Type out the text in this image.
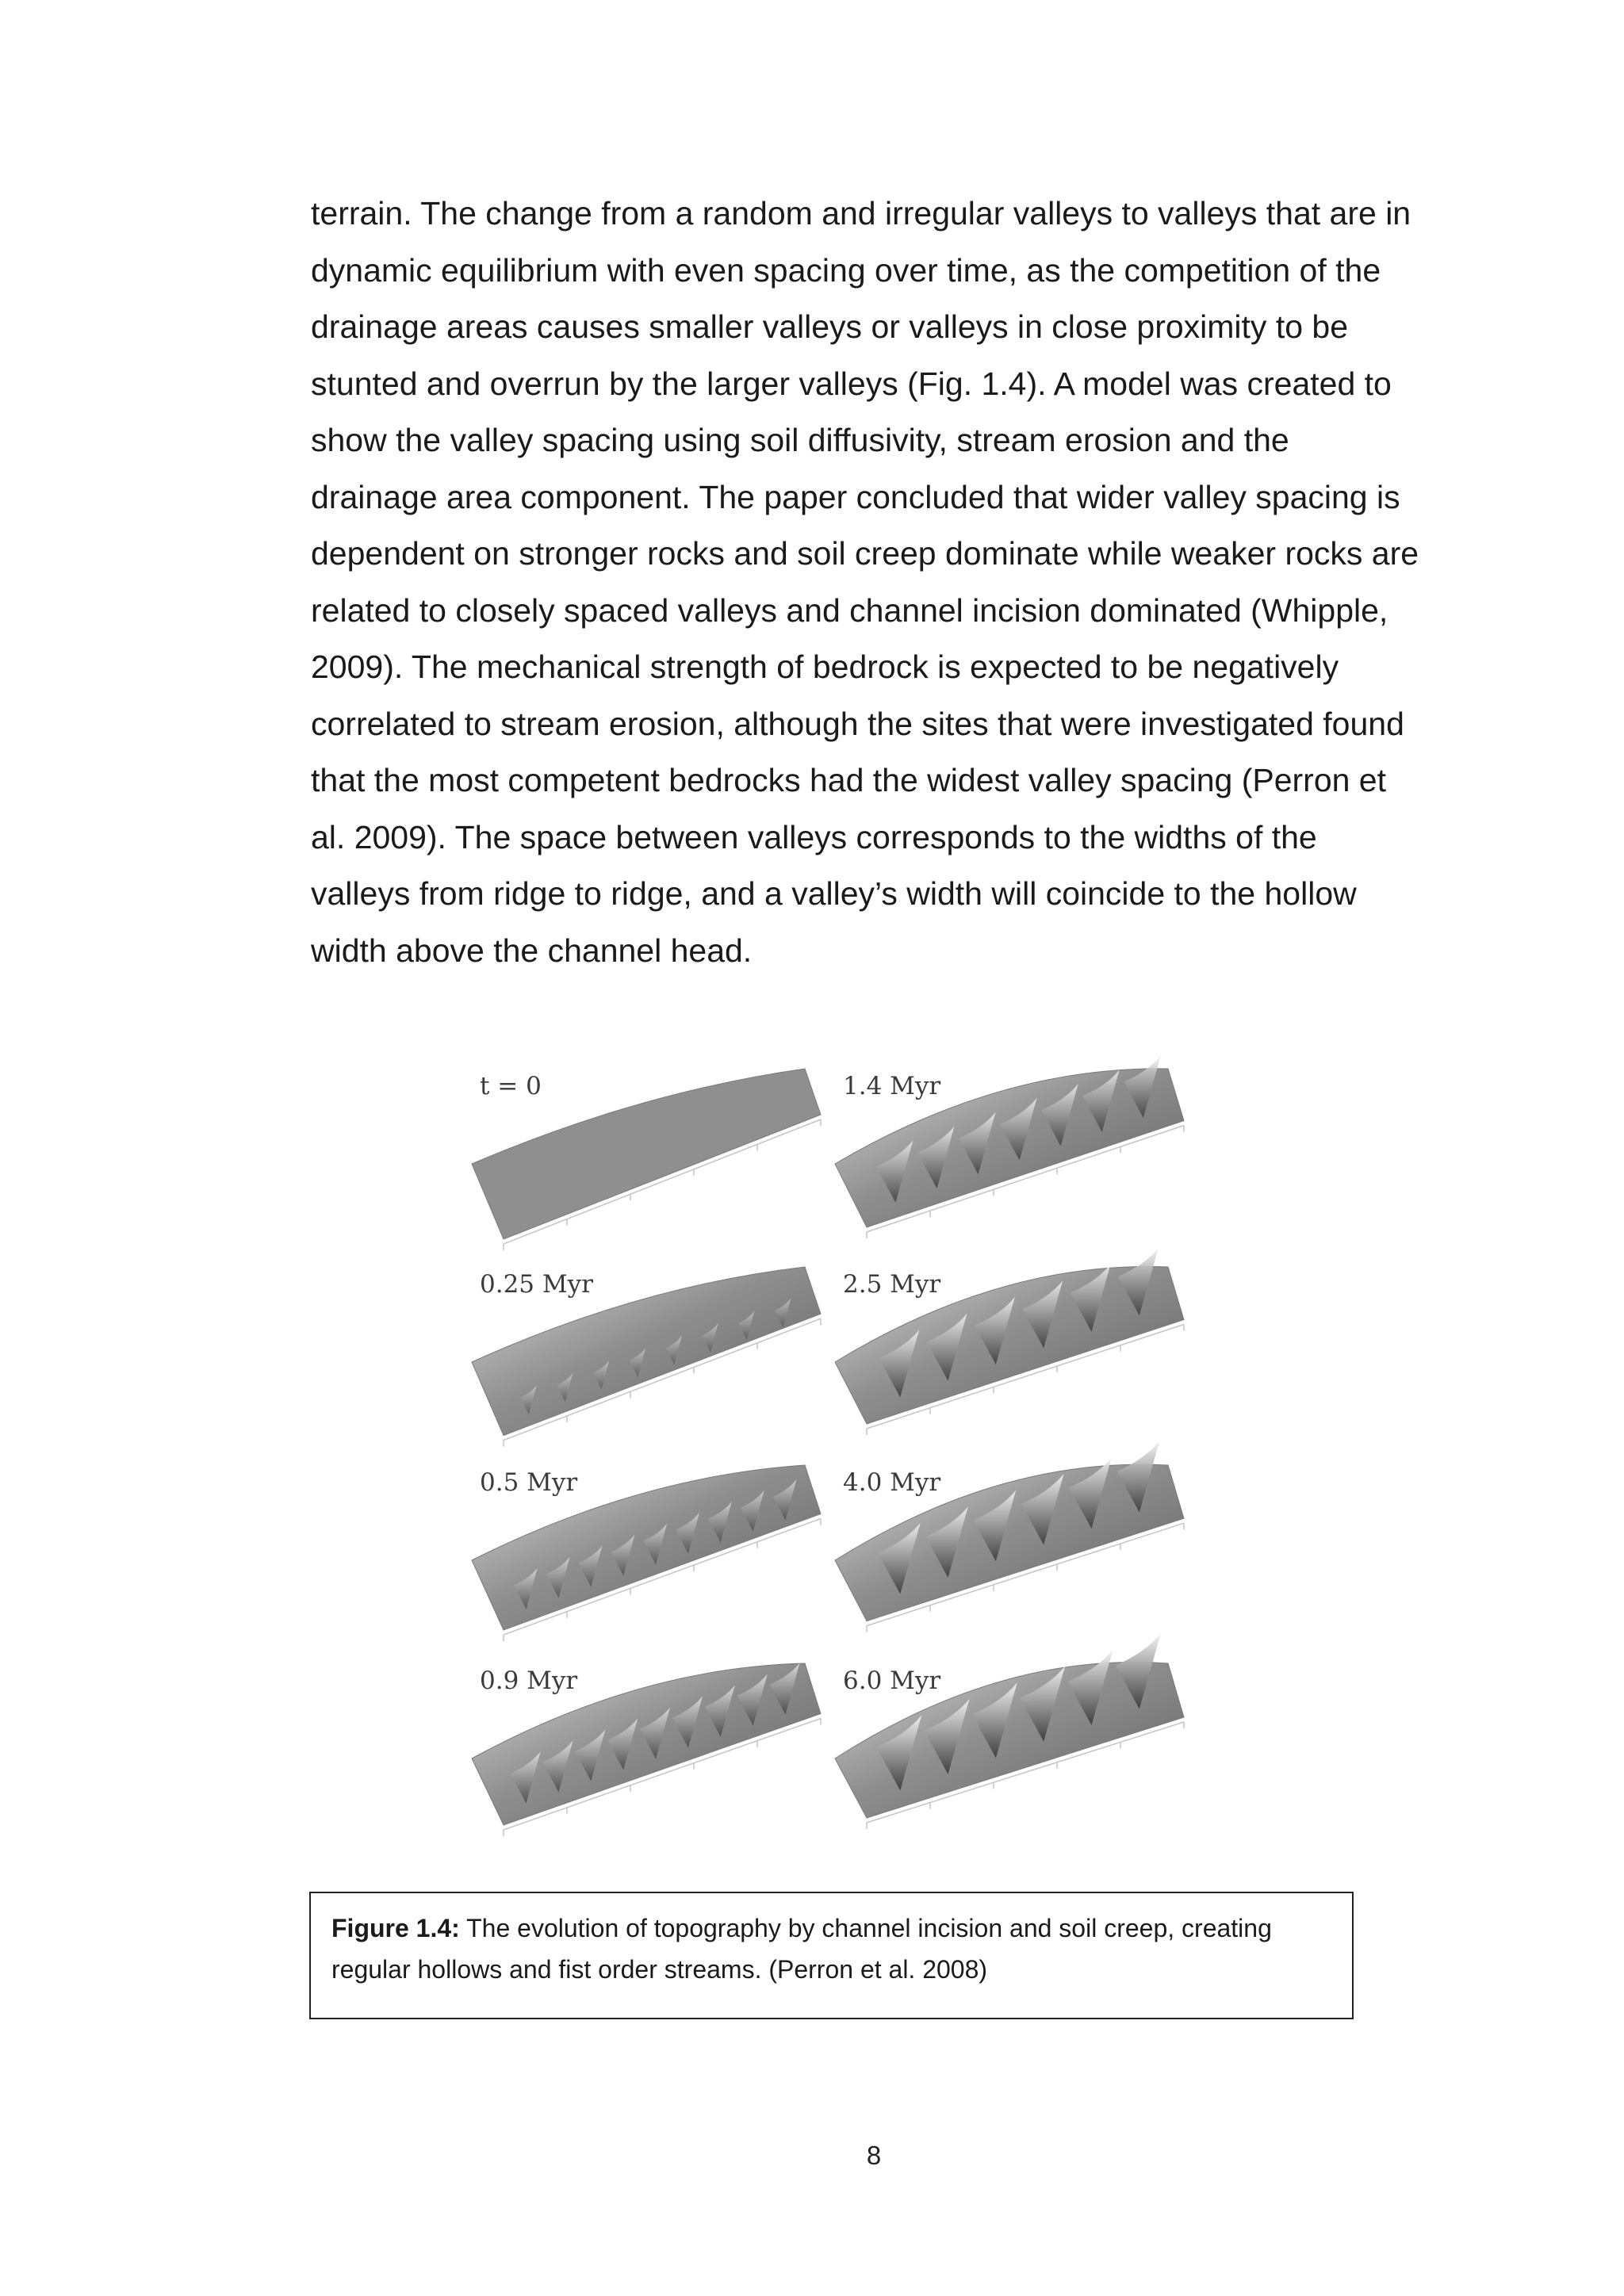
terrain. The change from a random and irregular valleys to valleys that are in
dynamic equilibrium with even spacing over time, as the competition of the
drainage areas causes smaller valleys or valleys in close proximity to be
stunted and overrun by the larger valleys (Fig. 1.4). A model was created to
show the valley spacing using soil diffusivity, stream erosion and the
drainage area component. The paper concluded that wider valley spacing is
dependent on stronger rocks and soil creep dominate while weaker rocks are
related to closely spaced valleys and channel incision dominated (Whipple,
2009). The mechanical strength of bedrock is expected to be negatively
correlated to stream erosion, although the sites that were investigated found
that the most competent bedrocks had the widest valley spacing (Perron et
al. 2009). The space between valleys corresponds to the widths of the
valleys from ridge to ridge, and a valley’s width will coincide to the hollow
width above the channel head.

t = 0	1.4 Myr
0.25 Myr	2.5 Myr
0.5 Myr	4.0 Myr
0.9 Myr	6.0 Myr
Figure 1.4: The evolution of topography by channel incision and soil creep, creating regular hollows and fist order streams. (Perron et al. 2008)
8
